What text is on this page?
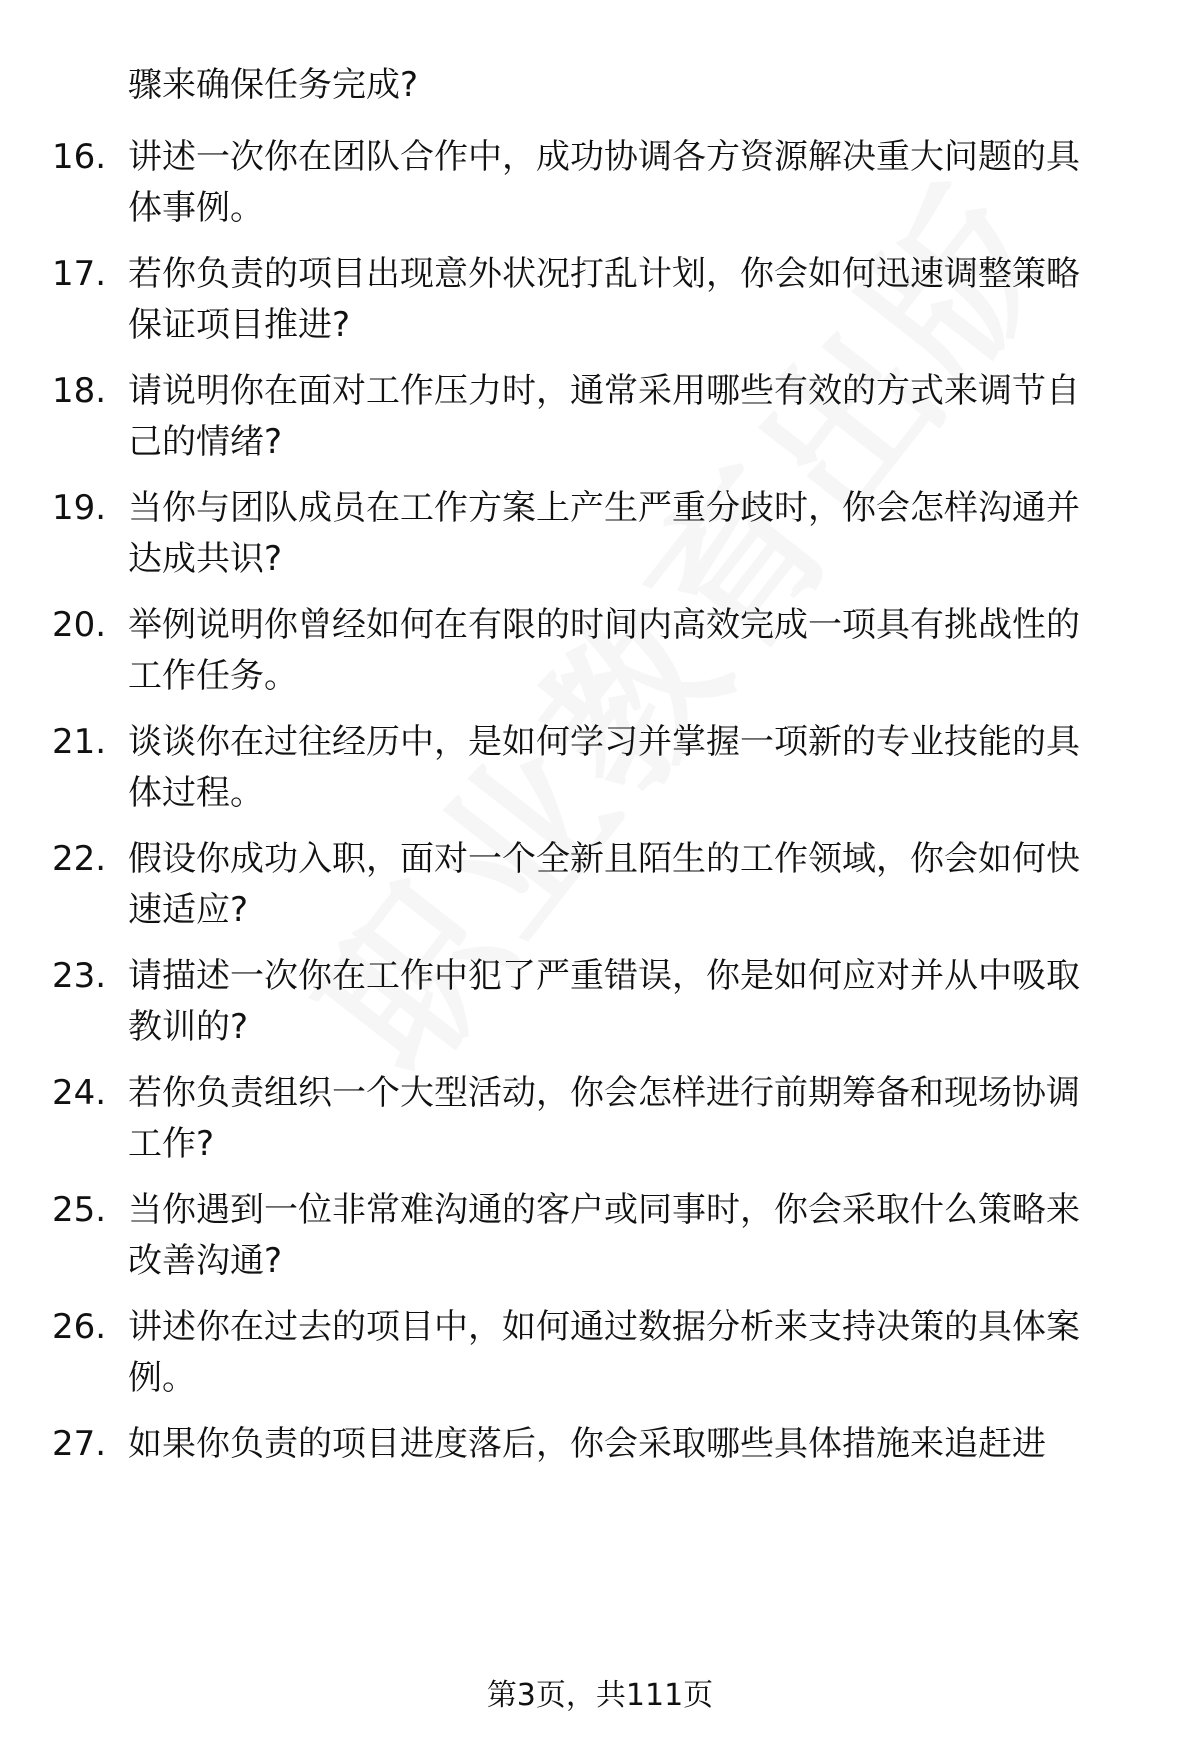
骤来确保任务完成?
16. 讲述一次你在团队合作中，成功协调各方资源解决重大问题的具
体事例。
17. 若你负责的项目出现意外状况打乱计划，你会如何迅速调整策略
保证项目推进?
18. 请说明你在面对工作压力时，通常采用哪些有效的方式来调节自
己的情绪?
19. 当你与团队成员在工作方案上产生严重分歧时，你会怎样沟通并
达成共识?
20. 举例说明你曾经如何在有限的时间内高效完成一项具有挑战性的
工作任务。
21. 谈谈你在过往经历中，是如何学习并掌握一项新的专业技能的具
体过程。
22. 假设你成功入职，面对一个全新且陌生的工作领域，你会如何快
速适应?
23. 请描述一次你在工作中犯了严重错误，你是如何应对并从中吸取
教训的?
24. 若你负责组织一个大型活动，你会怎样进行前期筹备和现场协调
工作?
25. 当你遇到一位非常难沟通的客户或同事时，你会采取什么策略来
改善沟通?
26. 讲述你在过去的项目中，如何通过数据分析来支持决策的具体案
例。
27. 如果你负责的项目进度落后，你会采取哪些具体措施来追赶进
第3页，共111页
